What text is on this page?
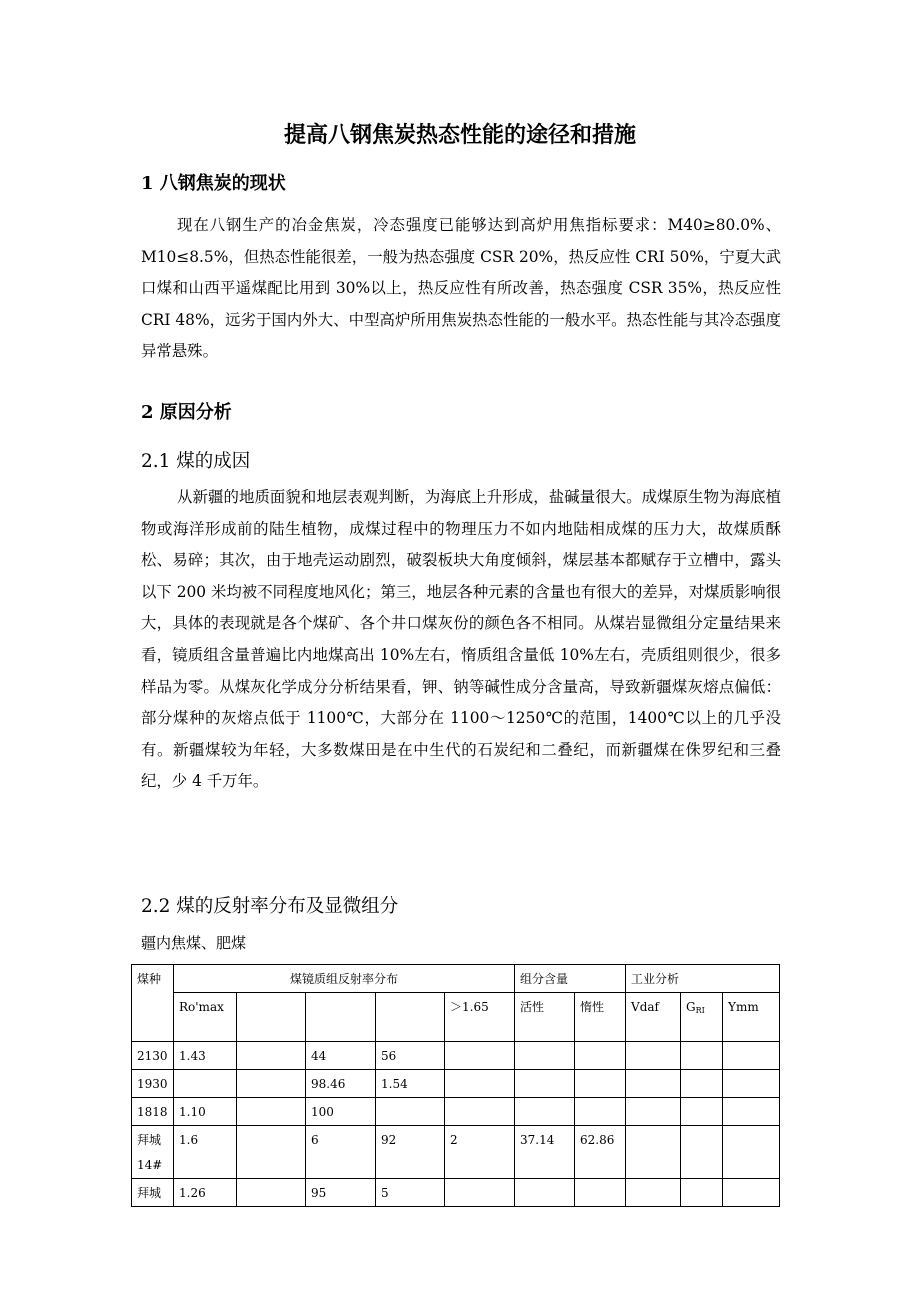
提高八钢焦炭热态性能的途径和措施
1 八钢焦炭的现状

现在八钢生产的冶金焦炭，冷态强度已能够达到高炉用焦指标要求：M40≥80.0%、M10≤8.5%，但热态性能很差，一般为热态强度 CSR 20%，热反应性 CRI 50%，宁夏大武口煤和山西平遥煤配比用到 30%以上，热反应性有所改善，热态强度 CSR 35%，热反应性 CRI 48%，远劣于国内外大、中型高炉所用焦炭热态性能的一般水平。热态性能与其冷态强度异常悬殊。

2 原因分析
2.1 煤的成因

从新疆的地质面貌和地层表观判断，为海底上升形成，盐碱量很大。成煤原生物为海底植物或海洋形成前的陆生植物，成煤过程中的物理压力不如内地陆相成煤的压力大，故煤质酥松、易碎；其次，由于地壳运动剧烈，破裂板块大角度倾斜，煤层基本都赋存于立槽中，露头以下 200 米均被不同程度地风化；第三，地层各种元素的含量也有很大的差异，对煤质影响很大，具体的表现就是各个煤矿、各个井口煤灰份的颜色各不相同。从煤岩显微组分定量结果来看，镜质组含量普遍比内地煤高出 10%左右，惰质组含量低 10%左右，壳质组则很少，很多样品为零。从煤灰化学成分分析结果看，钾、钠等碱性成分含量高，导致新疆煤灰熔点偏低：部分煤种的灰熔点低于 1100℃，大部分在 1100～1250℃的范围，1400℃以上的几乎没有。新疆煤较为年轻，大多数煤田是在中生代的石炭纪和二叠纪，而新疆煤在侏罗纪和三叠纪，少 4 千万年。

2.2 煤的反射率分布及显微组分
疆内焦煤、肥煤
煤种	煤镜质组反射率分布					组分含量		工业分析		
	Ro'max				＞1.65	活性	惰性	Vdaf	$G_{RI}$	Ymm

2130	1.43		44	56						
1930			98.46	1.54						
1818	1.10		100							
拜城 14#	1.6		6	92	2	37.14	62.86			
拜城	1.26		95	5						
